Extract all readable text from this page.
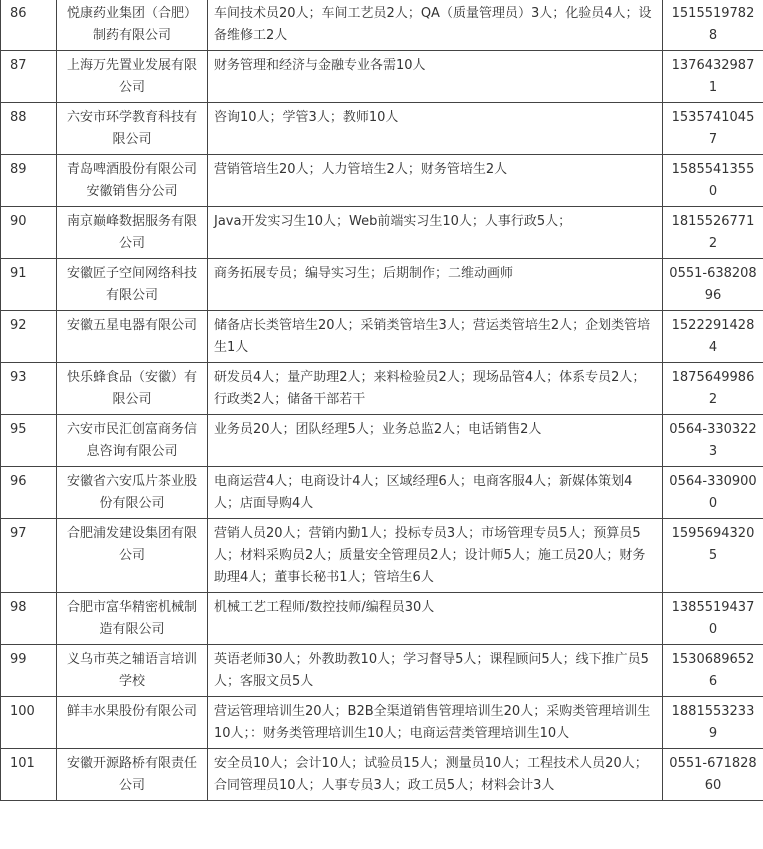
86	悦康药业集团（合肥）制药有限公司	车间技术员20人；车间工艺员2人；QA（质量管理员）3人；化验员4人；设备维修工2人	15155197828
87	上海万先置业发展有限公司	财务管理和经济与金融专业各需10人	13764329871
88	六安市环学教育科技有限公司	咨询10人；学管3人；教师10人	15357410457
89	青岛啤酒股份有限公司安徽销售分公司	营销管培生20人；人力管培生2人；财务管培生2人	15855413550
90	南京巅峰数据服务有限公司	Java开发实习生10人；Web前端实习生10人；人事行政5人；	18155267712
91	安徽匠子空间网络科技有限公司	商务拓展专员；编导实习生；后期制作；二维动画师	0551-63820896
92	安徽五星电器有限公司	储备店长类管培生20人；采销类管培生3人；营运类管培生2人；企划类管培生1人	15222914284
93	快乐蜂食品（安徽）有限公司	研发员4人；量产助理2人；来料检验员2人；现场品管4人；体系专员2人；行政类2人；储备干部若干	18756499862
95	六安市民汇创富商务信息咨询有限公司	业务员20人；团队经理5人；业务总监2人；电话销售2人	0564-3303223
96	安徽省六安瓜片茶业股份有限公司	电商运营4人；电商设计4人；区域经理6人；电商客服4人；新媒体策划4人；店面导购4人	0564-3309000
97	合肥浦发建设集团有限公司	营销人员20人；营销内勤1人；投标专员3人；市场管理专员5人；预算员5人；材料采购员2人；质量安全管理员2人；设计师5人；施工员20人；财务助理4人；董事长秘书1人；管培生6人	15956943205
98	合肥市富华精密机械制造有限公司	机械工艺工程师/数控技师/编程员30人	13855194370
99	义乌市英之辅语言培训学校	英语老师30人；外教助教10人；学习督导5人；课程顾问5人；线下推广员5人；客服文员5人	15306896526
100	鲜丰水果股份有限公司	营运管理培训生20人；B2B全渠道销售管理培训生20人；采购类管理培训生10人；：财务类管理培训生10人；电商运营类管理培训生10人	18815532339
101	安徽开源路桥有限责任公司	安全员10人；会计10人；试验员15人；测量员10人；工程技术人员20人；合同管理员10人；人事专员3人；政工员5人；材料会计3人	0551-67182860
